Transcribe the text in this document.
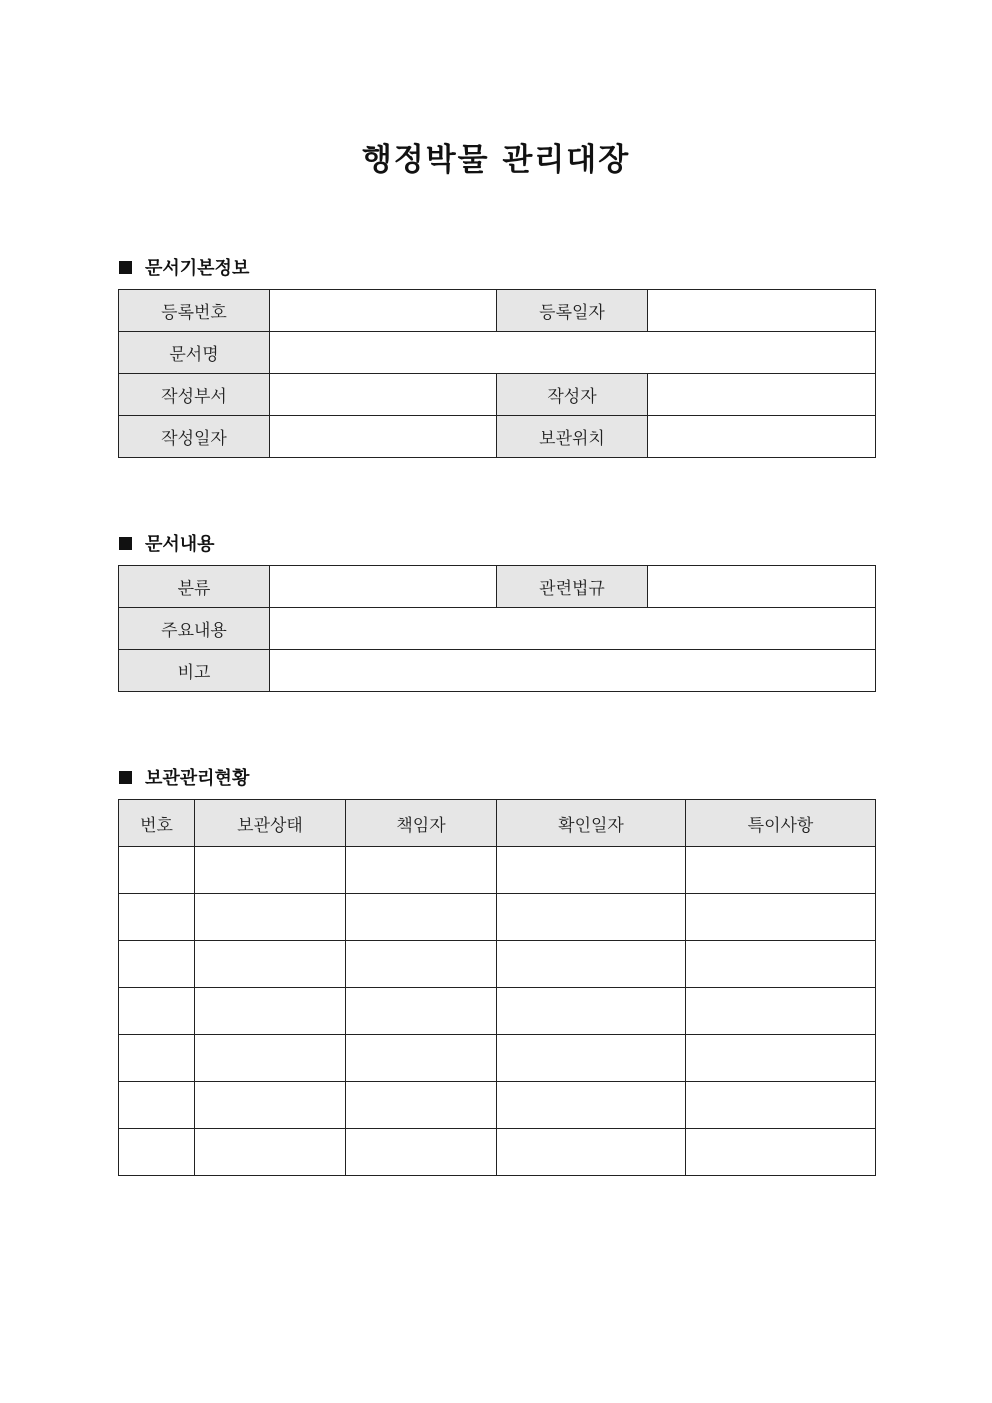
행정박물 관리대장
문서기본정보
등록번호		등록일자	
문서명			
작성부서		작성자	
작성일자		보관위치	
문서내용
분류		관련법규	
주요내용			
비고			
보관관리현황
번호	보관상태	책임자	확인일자	특이사항
